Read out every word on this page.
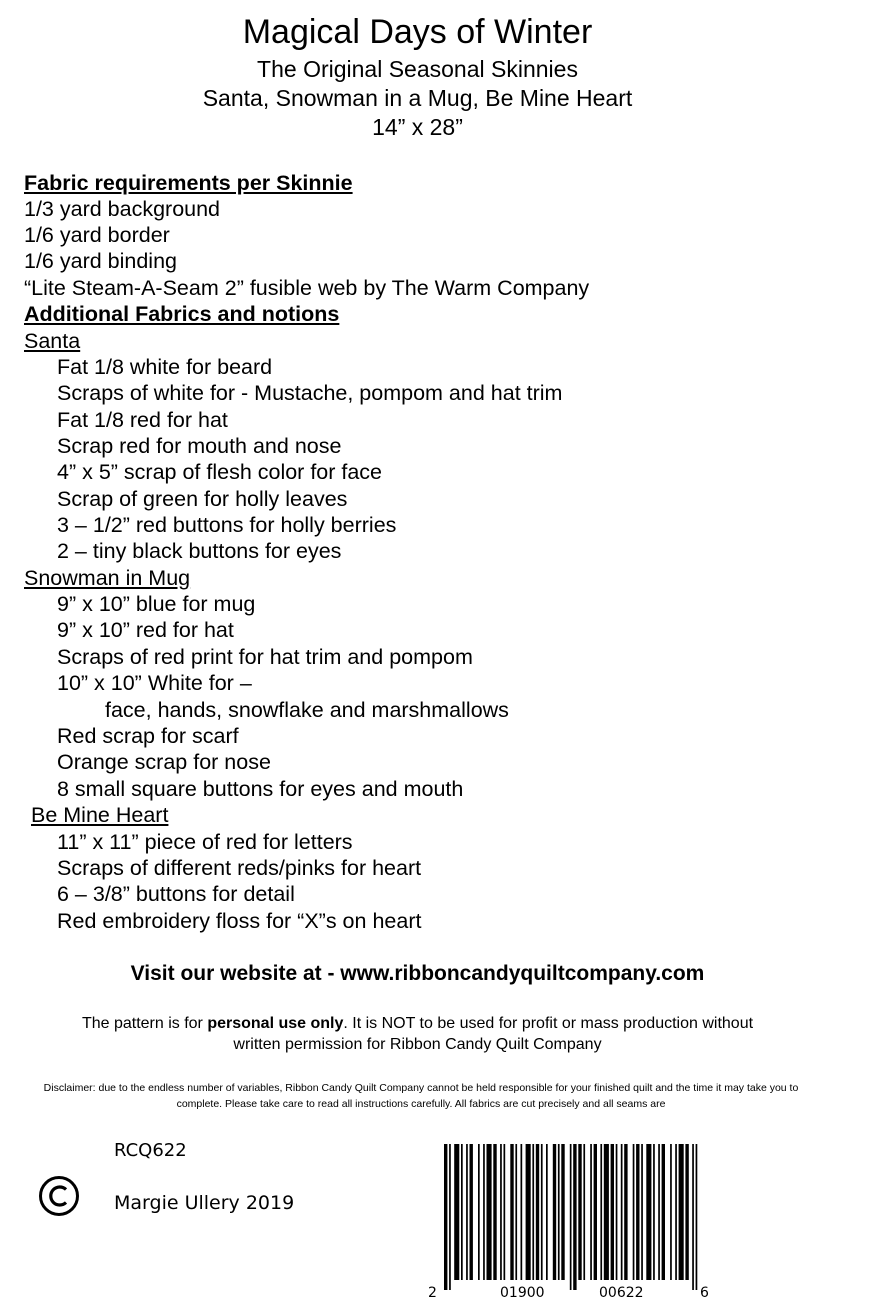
Magical Days of Winter
The Original Seasonal Skinnies
Santa, Snowman in a Mug, Be Mine Heart
14” x 28”
Fabric requirements per Skinnie
1/3 yard background
1/6 yard border
1/6 yard binding
“Lite Steam-A-Seam 2” fusible web by The Warm Company
Additional Fabrics and notions
Santa
Fat 1/8 white for beard
Scraps of white for - Mustache, pompom and hat trim
Fat 1/8 red for hat
Scrap red for mouth and nose
4” x 5” scrap of flesh color for face
Scrap of green for holly leaves
3 – 1/2” red buttons for holly berries
2 – tiny black buttons for eyes
Snowman in Mug
9” x 10” blue for mug
9” x 10” red for hat
Scraps of red print for hat trim and pompom
10” x 10” White for –
face, hands, snowflake and marshmallows
Red scrap for scarf
Orange scrap for nose
8 small square buttons for eyes and mouth
Be Mine Heart
11” x 11” piece of red for letters
Scraps of different reds/pinks for heart
6 – 3/8” buttons for detail
Red embroidery floss for “X”s on heart
Visit our website at - www.ribboncandyquiltcompany.com
The pattern is for personal use only. It is NOT to be used for profit or mass production without
written permission for Ribbon Candy Quilt Company
Disclaimer: due to the endless number of variables, Ribbon Candy Quilt Company cannot be held responsible for your finished quilt and the time it may take you to complete. Please take care to read all instructions carefully. All fabrics are cut precisely and all seams are
RCQ622
Margie Ullery 2019
2	01900	00622	6
